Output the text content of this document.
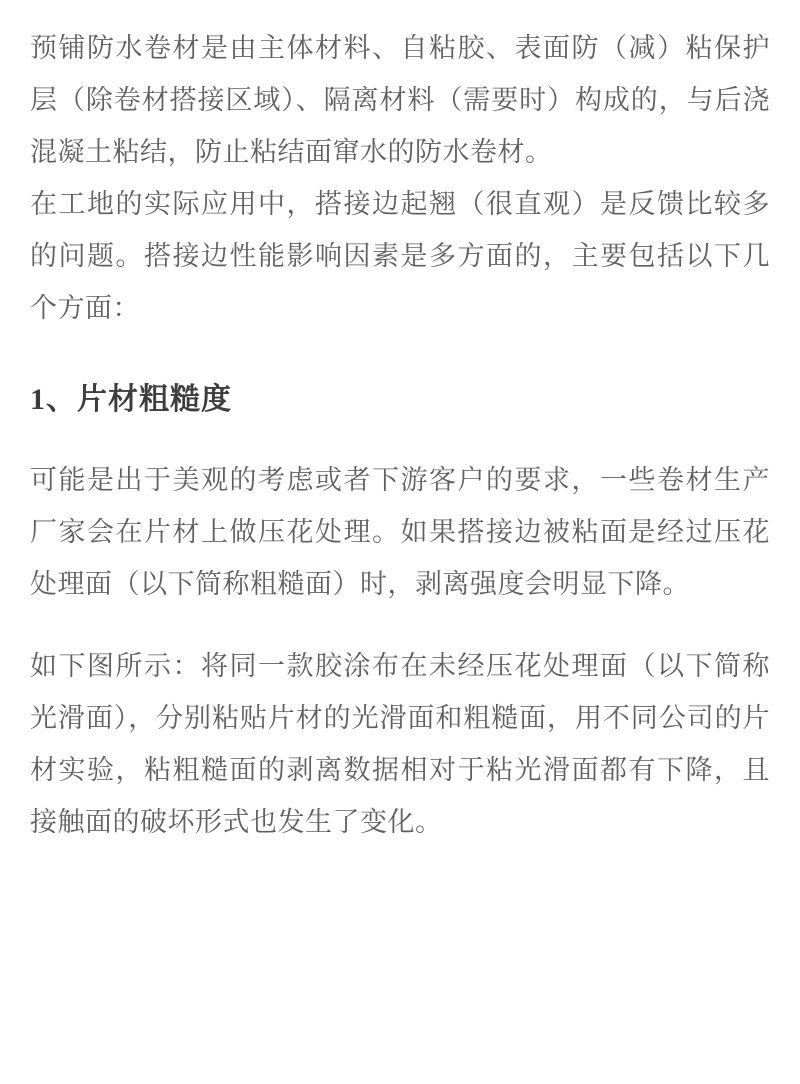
预铺防水卷材是由主体材料、自粘胶、表面防（减）粘保护层（除卷材搭接区域）、隔离材料（需要时）构成的，与后浇混凝土粘结，防止粘结面窜水的防水卷材。

在工地的实际应用中，搭接边起翘（很直观）是反馈比较多的问题。搭接边性能影响因素是多方面的，主要包括以下几个方面：

1、片材粗糙度

可能是出于美观的考虑或者下游客户的要求，一些卷材生产厂家会在片材上做压花处理。如果搭接边被粘面是经过压花处理面（以下简称粗糙面）时，剥离强度会明显下降。

如下图所示：将同一款胶涂布在未经压花处理面（以下简称光滑面），分别粘贴片材的光滑面和粗糙面，用不同公司的片材实验，粘粗糙面的剥离数据相对于粘光滑面都有下降，且接触面的破坏形式也发生了变化。
